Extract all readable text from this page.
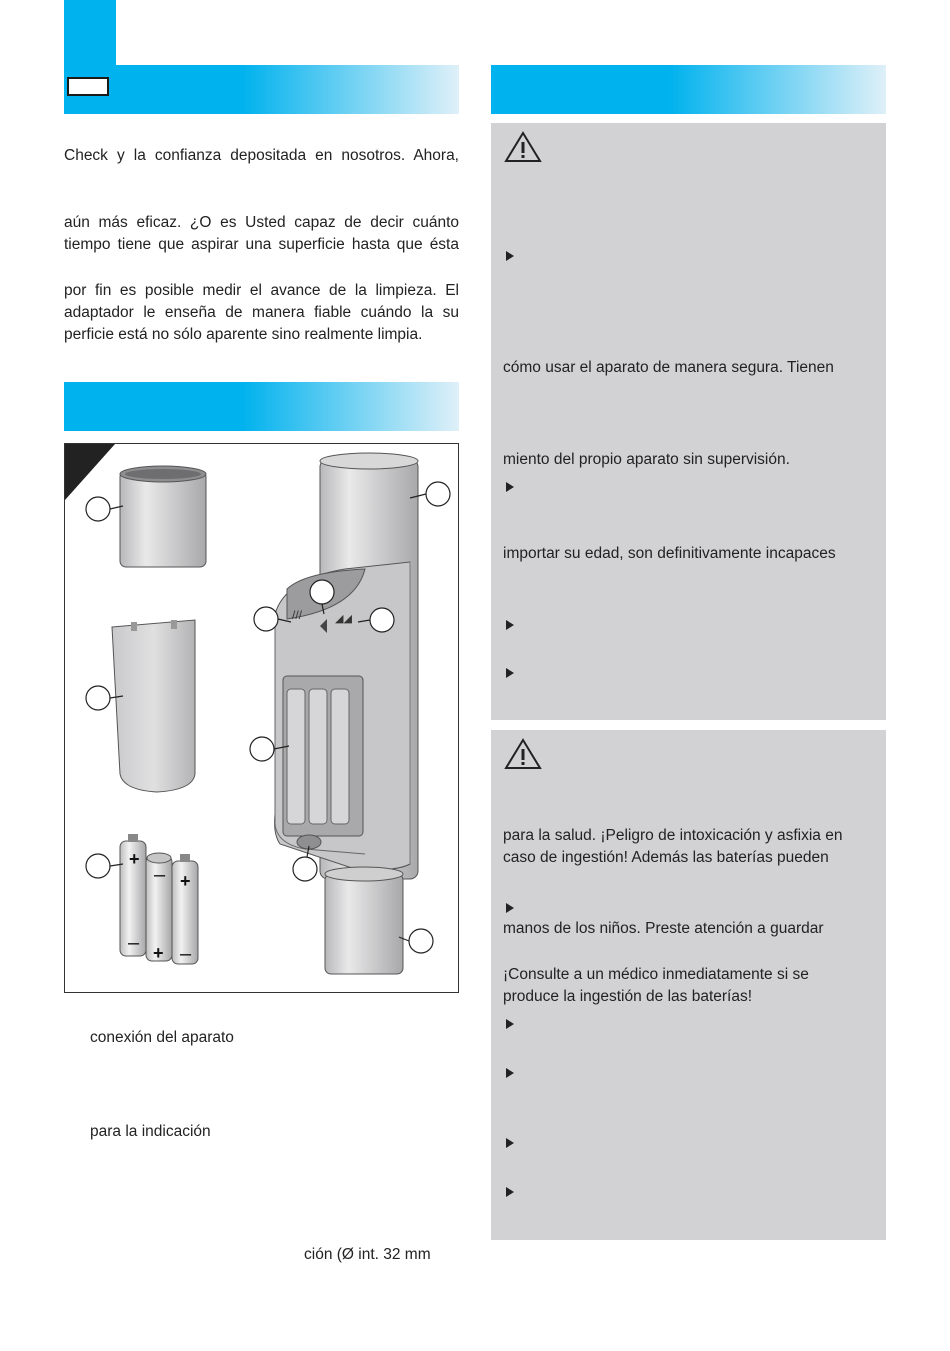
Check y la confianza depositada en nosotros. Ahora,
aún más eficaz. ¿O es Usted capaz de decir cuánto
tiempo tiene que aspirar una superficie hasta que ésta
por fin es posible medir el avance de la limpieza. El
adaptador le enseña de manera fiable cuándo la su
perficie está no sólo aparente sino realmente limpia.
+
–
–
+
+
–
///	◢◢
conexión del aparato
para la indicación
ción (Ø int. 32 mm
cómo usar el aparato de manera segura. Tienen
miento del propio aparato sin supervisión.
importar su edad, son definitivamente incapaces
para la salud. ¡Peligro de intoxicación y asfixia en
caso de ingestión! Además las baterías pueden
manos de los niños. Preste atención a guardar
¡Consulte a un médico inmediatamente si se
produce la ingestión de las baterías!
